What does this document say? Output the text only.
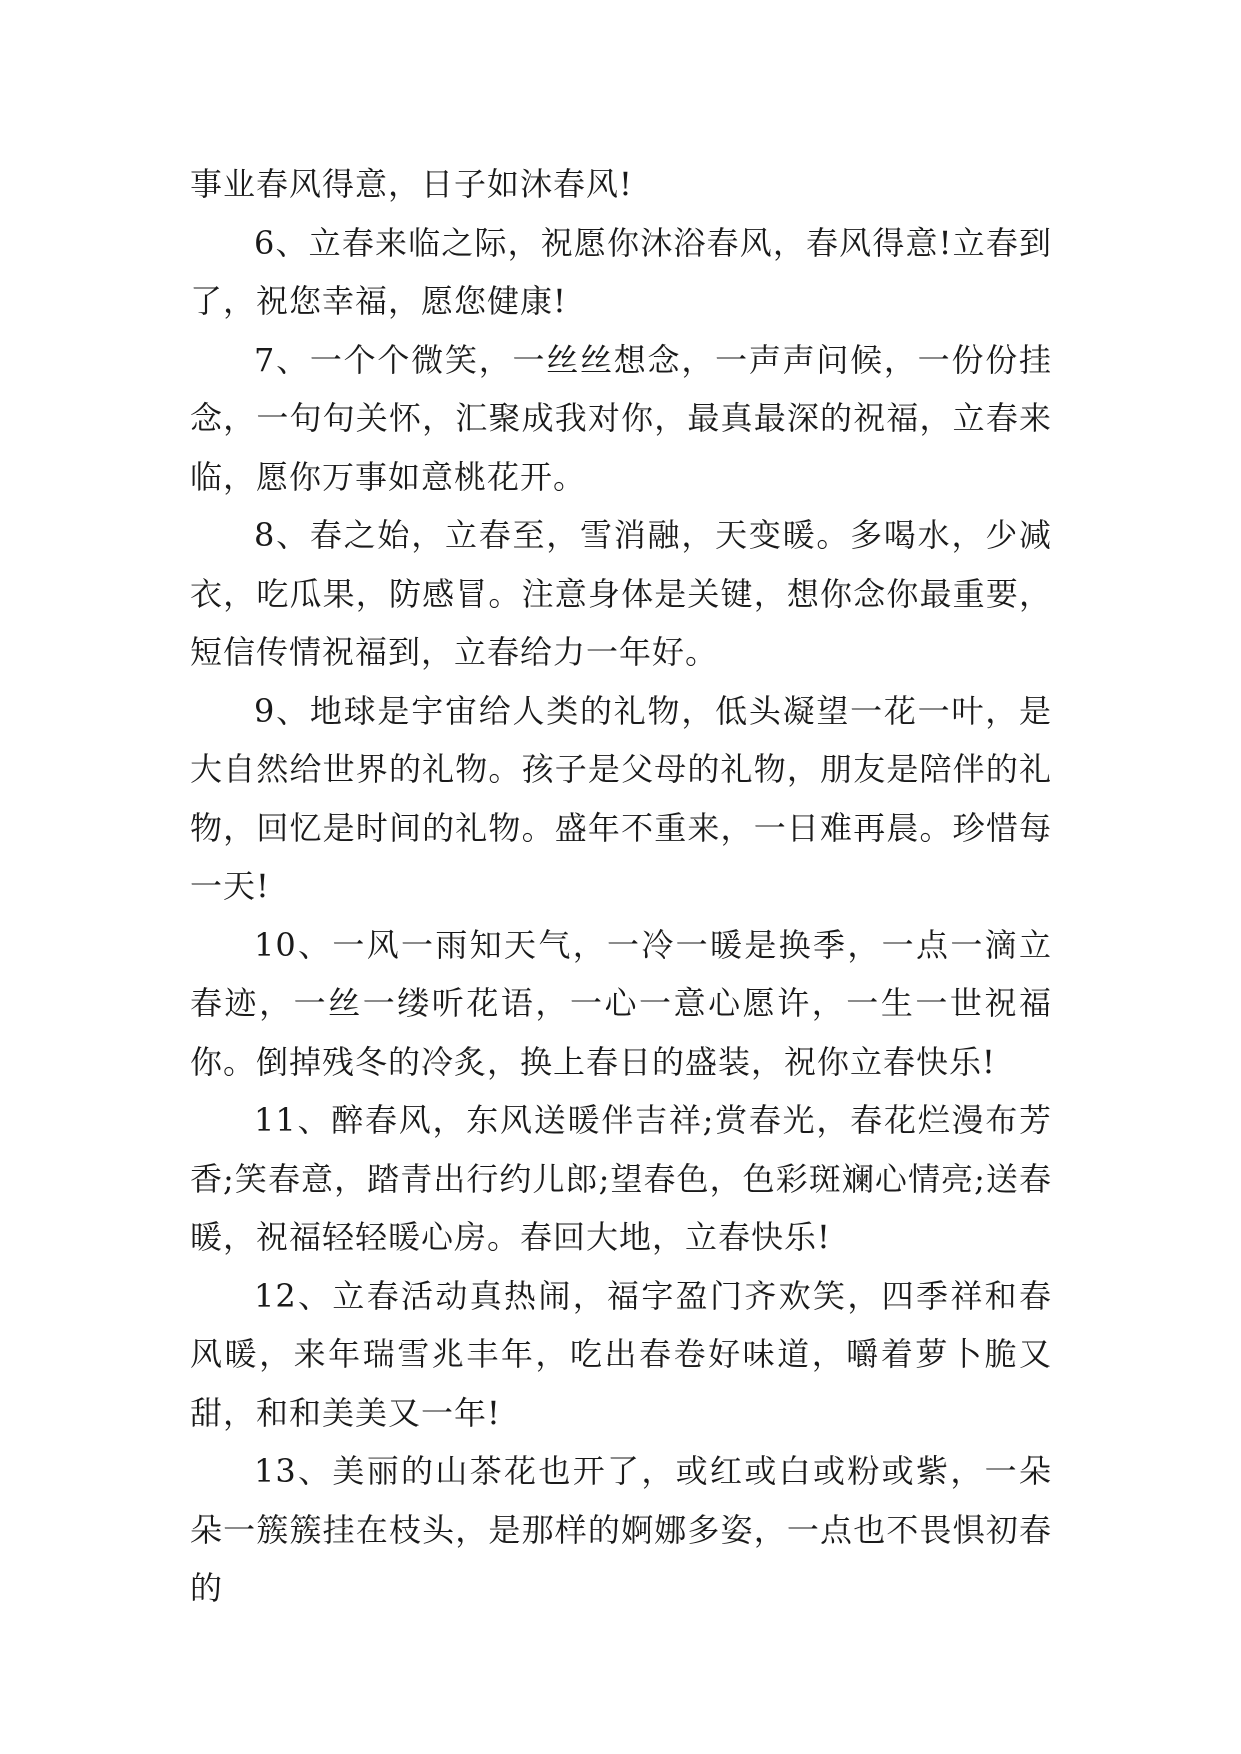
事业春风得意，日子如沐春风!

6、立春来临之际，祝愿你沐浴春风，春风得意!立春到了，祝您幸福，愿您健康!

7、一个个微笑，一丝丝想念，一声声问候，一份份挂念，一句句关怀，汇聚成我对你，最真最深的祝福，立春来临，愿你万事如意桃花开。

8、春之始，立春至，雪消融，天变暖。多喝水，少减衣，吃瓜果，防感冒。注意身体是关键，想你念你最重要，短信传情祝福到，立春给力一年好。

9、地球是宇宙给人类的礼物，低头凝望一花一叶，是大自然给世界的礼物。孩子是父母的礼物，朋友是陪伴的礼物，回忆是时间的礼物。盛年不重来，一日难再晨。珍惜每一天!

10、一风一雨知天气，一冷一暖是换季，一点一滴立春迹，一丝一缕听花语，一心一意心愿许，一生一世祝福你。倒掉残冬的冷炙，换上春日的盛装，祝你立春快乐!

11、醉春风，东风送暖伴吉祥;赏春光，春花烂漫布芳香;笑春意，踏青出行约儿郎;望春色，色彩斑斓心情亮;送春暖，祝福轻轻暖心房。春回大地，立春快乐!

12、立春活动真热闹，福字盈门齐欢笑，四季祥和春风暖，来年瑞雪兆丰年，吃出春卷好味道，嚼着萝卜脆又甜，和和美美又一年!

13、美丽的山茶花也开了，或红或白或粉或紫，一朵朵一簇簇挂在枝头，是那样的婀娜多姿，一点也不畏惧初春的
